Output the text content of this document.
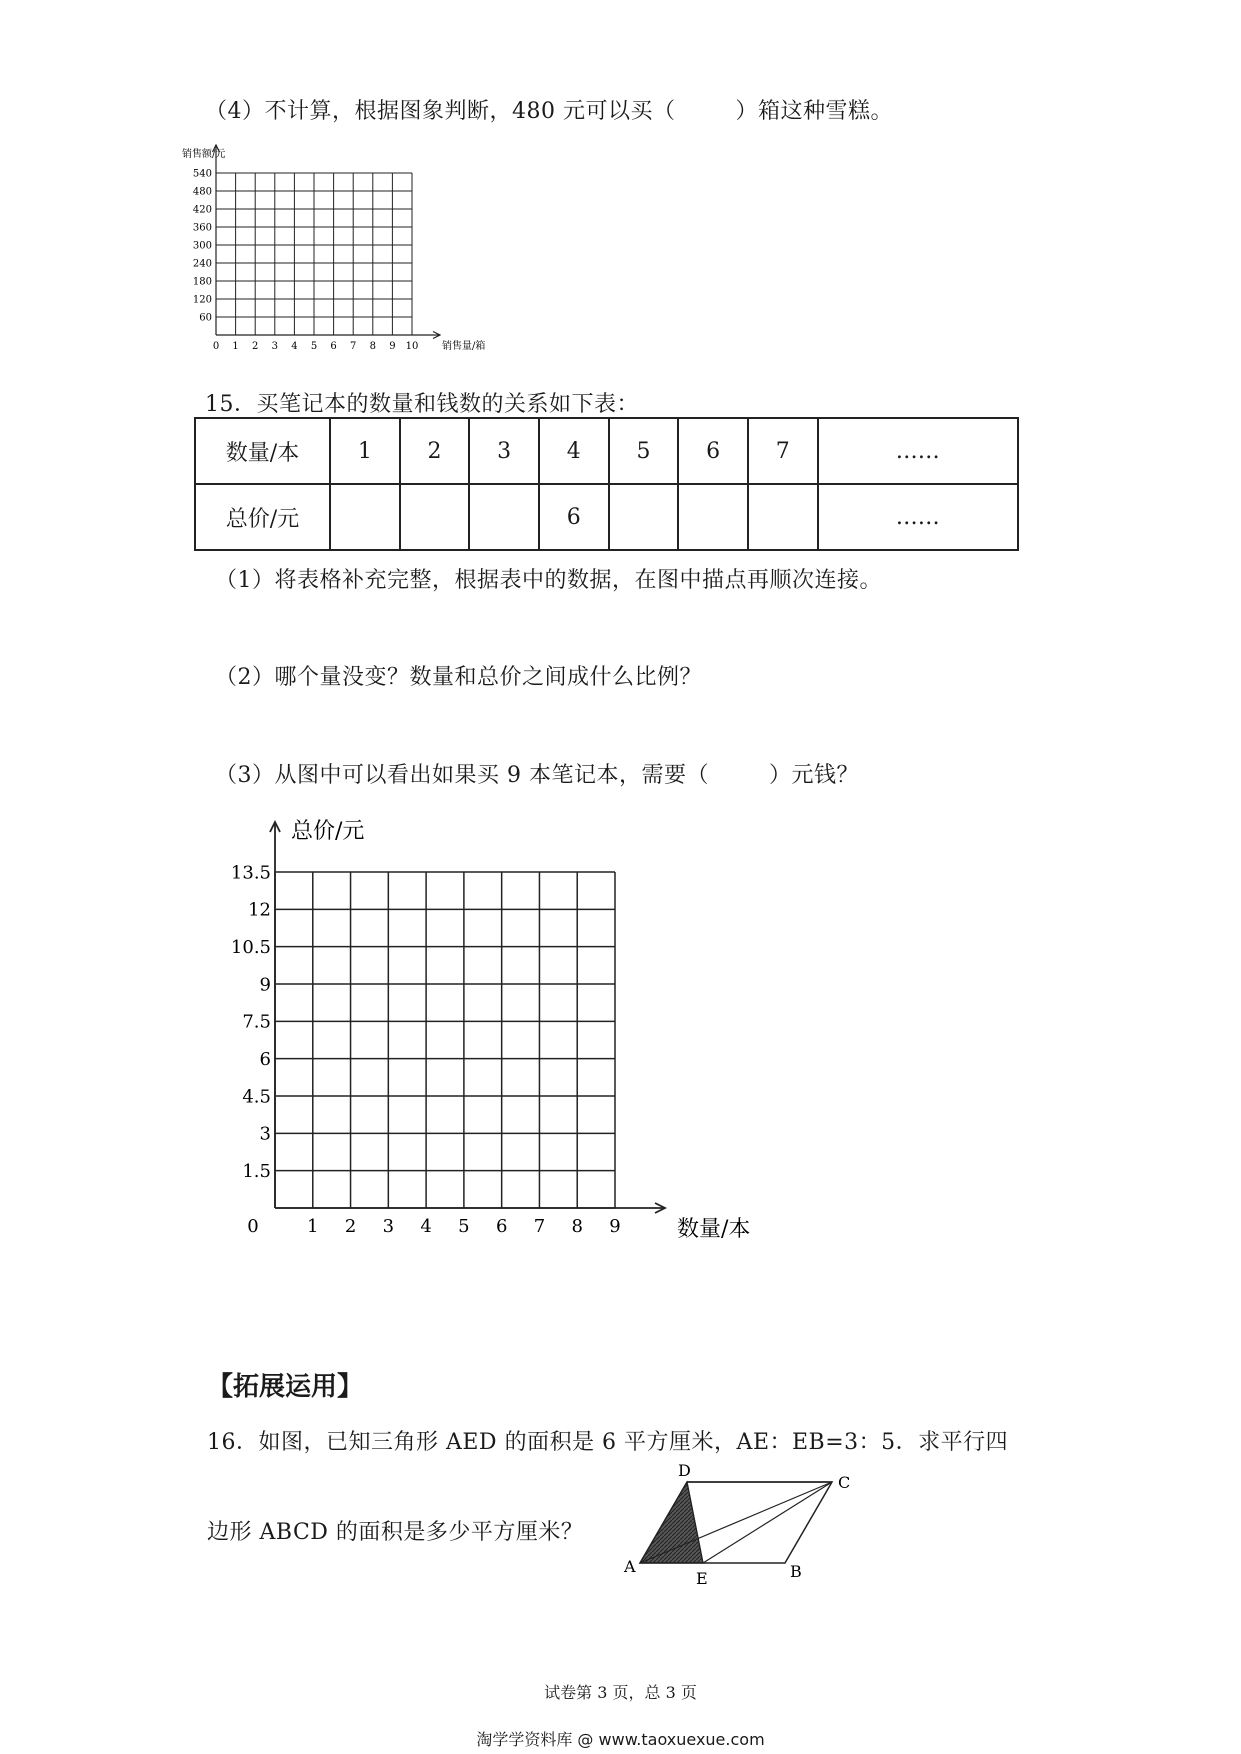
（4）不计算，根据图象判断，480 元可以买（	）箱这种雪糕。
0 1 2 3 4 5 6 7 8 9 10
60
120
180
240
300
360
420
480
540
销售额/元
销售量/箱
15．买笔记本的数量和钱数的关系如下表：
数量/本	1	2	3	4	5	6	7	……
总价/元				6				……
（1）将表格补充完整，根据表中的数据，在图中描点再顺次连接。
（2）哪个量没变？数量和总价之间成什么比例？
（3）从图中可以看出如果买 9 本笔记本，需要（	）元钱？
0	1 2 3 4 5 6 7 8 9
1.5
3
4.5
6
7.5
9
10.5
12
13.5
总价/元
数量/本
【拓展运用】
16．如图，已知三角形 AED 的面积是 6 平方厘米，AE：EB=3：5．求平行四
边形 ABCD 的面积是多少平方厘米？
A	B
C
D
E
试卷第 3 页，总 3 页
淘学学资料库 @ www.taoxuexue.com
